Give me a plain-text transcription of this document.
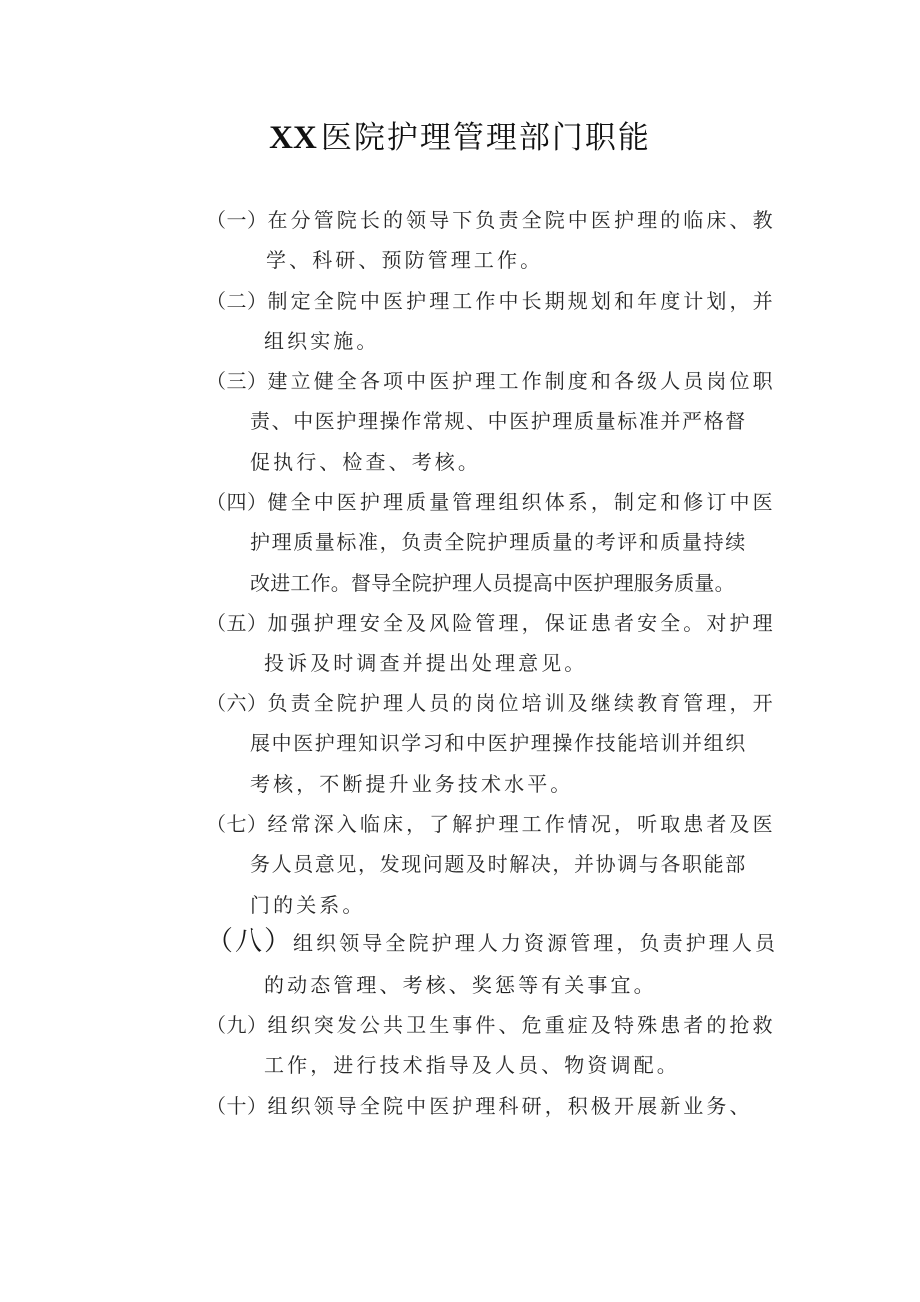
XX 医院护理管理部门职能
（一）在分管院长的领导下负责全院中医护理的临床、教
学、科研、预防管理工作。
（二）制定全院中医护理工作中长期规划和年度计划，并
组织实施。
（三）建立健全各项中医护理工作制度和各级人员岗位职
责、中医护理操作常规、中医护理质量标准并严格督
促执行、检查、考核。
（四）健全中医护理质量管理组织体系，制定和修订中医
护理质量标准，负责全院护理质量的考评和质量持续
改进工作。督导全院护理人员提高中医护理服务质量。
（五）加强护理安全及风险管理，保证患者安全。对护理
投诉及时调查并提出处理意见。
（六）负责全院护理人员的岗位培训及继续教育管理，开
展中医护理知识学习和中医护理操作技能培训并组织
考核，不断提升业务技术水平。
（七）经常深入临床，了解护理工作情况，听取患者及医
务人员意见，发现问题及时解决，并协调与各职能部
门的关系。
（八）组织领导全院护理人力资源管理，负责护理人员
的动态管理、考核、奖惩等有关事宜。
（九）组织突发公共卫生事件、危重症及特殊患者的抢救
工作，进行技术指导及人员、物资调配。
（十）组织领导全院中医护理科研，积极开展新业务、
